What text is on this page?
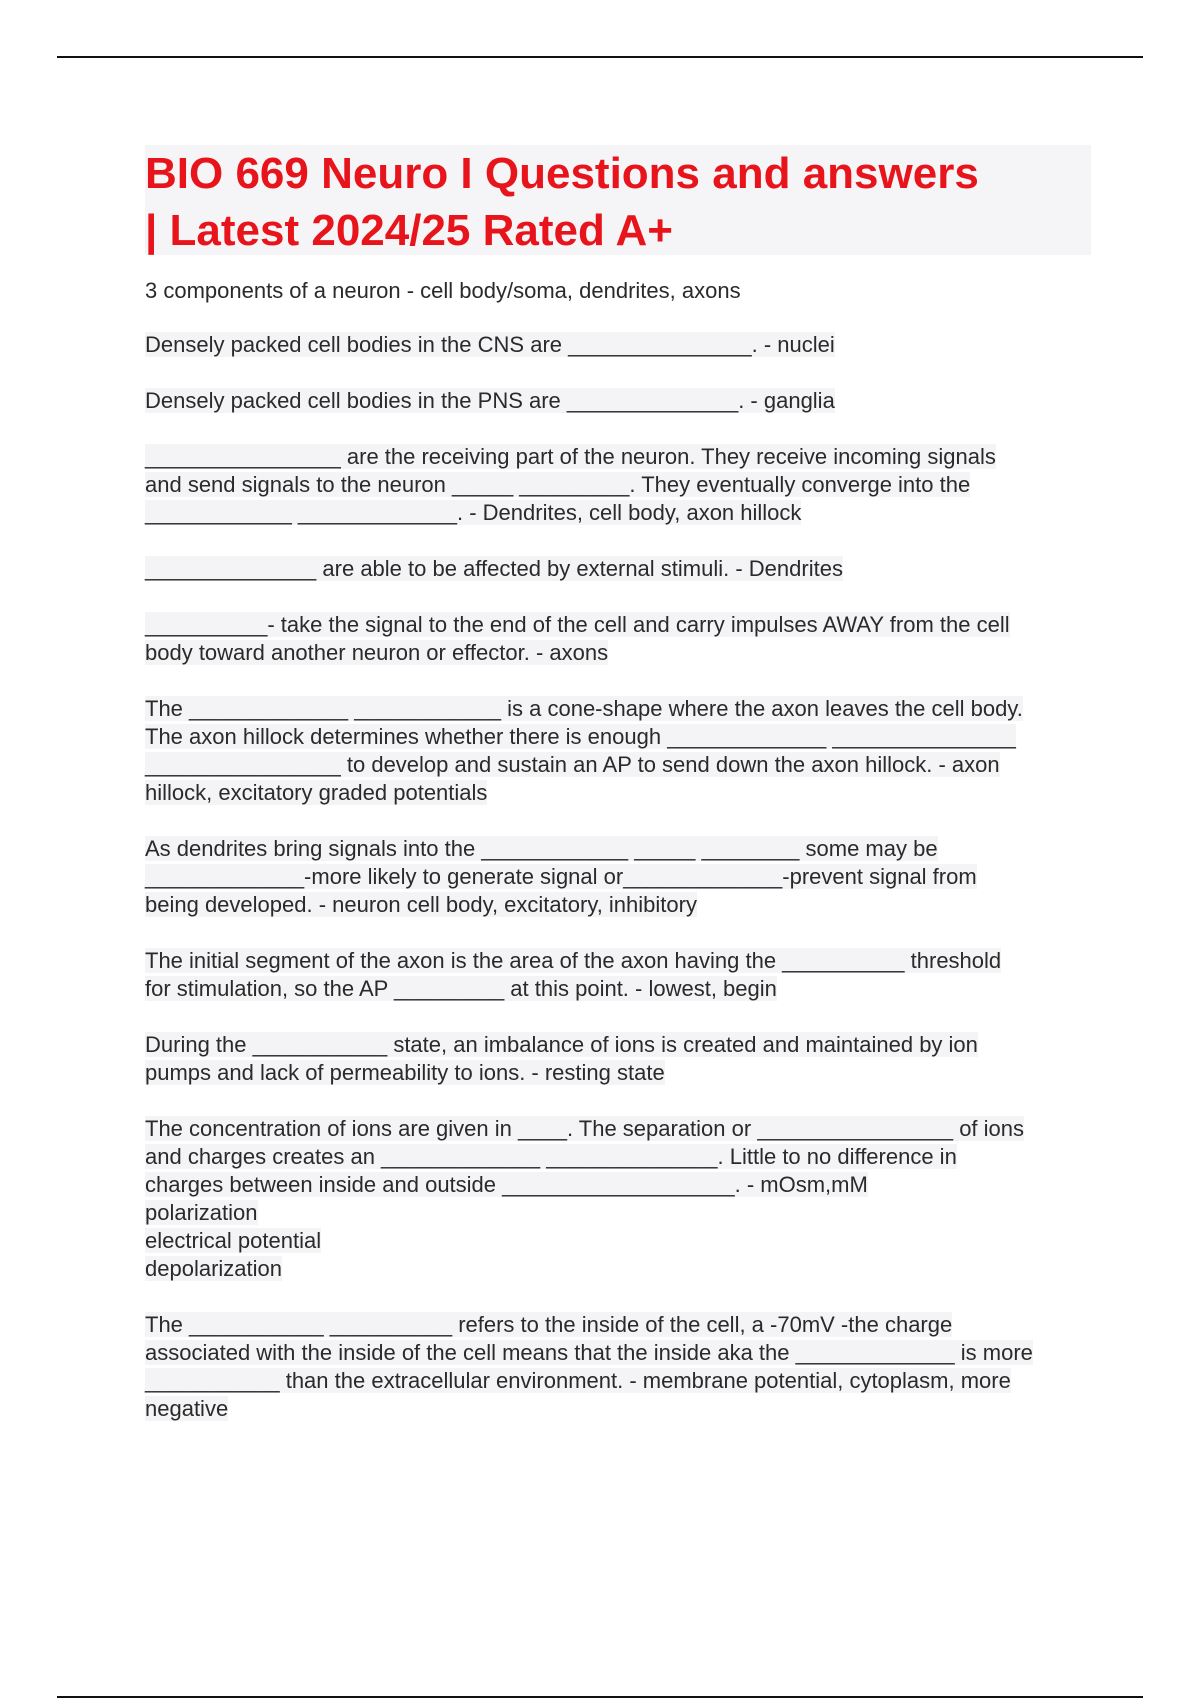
BIO 669 Neuro I Questions and answers
| Latest 2024/25 Rated A+

3 components of a neuron - cell body/soma, dendrites, axons

Densely packed cell bodies in the CNS are _______________. - nuclei

Densely packed cell bodies in the PNS are ______________. - ganglia

________________ are the receiving part of the neuron. They receive incoming signals
and send signals to the neuron _____ _________. They eventually converge into the
____________ _____________. - Dendrites, cell body, axon hillock

______________ are able to be affected by external stimuli. - Dendrites

__________- take the signal to the end of the cell and carry impulses AWAY from the cell
body toward another neuron or effector. - axons

The _____________ ____________ is a cone-shape where the axon leaves the cell body.
The axon hillock determines whether there is enough _____________ _______________
________________ to develop and sustain an AP to send down the axon hillock. - axon
hillock, excitatory graded potentials

As dendrites bring signals into the ____________ _____ ________ some may be
_____________-more likely to generate signal or_____________-prevent signal from
being developed. - neuron cell body, excitatory, inhibitory

The initial segment of the axon is the area of the axon having the __________ threshold
for stimulation, so the AP _________ at this point. - lowest, begin

During the ___________ state, an imbalance of ions is created and maintained by ion
pumps and lack of permeability to ions. - resting state

The concentration of ions are given in ____. The separation or ________________ of ions
and charges creates an _____________ ______________. Little to no difference in
charges between inside and outside ___________________. - mOsm,mM
polarization
electrical potential
depolarization

The ___________ __________ refers to the inside of the cell, a -70mV -the charge
associated with the inside of the cell means that the inside aka the _____________ is more
___________ than the extracellular environment. - membrane potential, cytoplasm, more
negative
